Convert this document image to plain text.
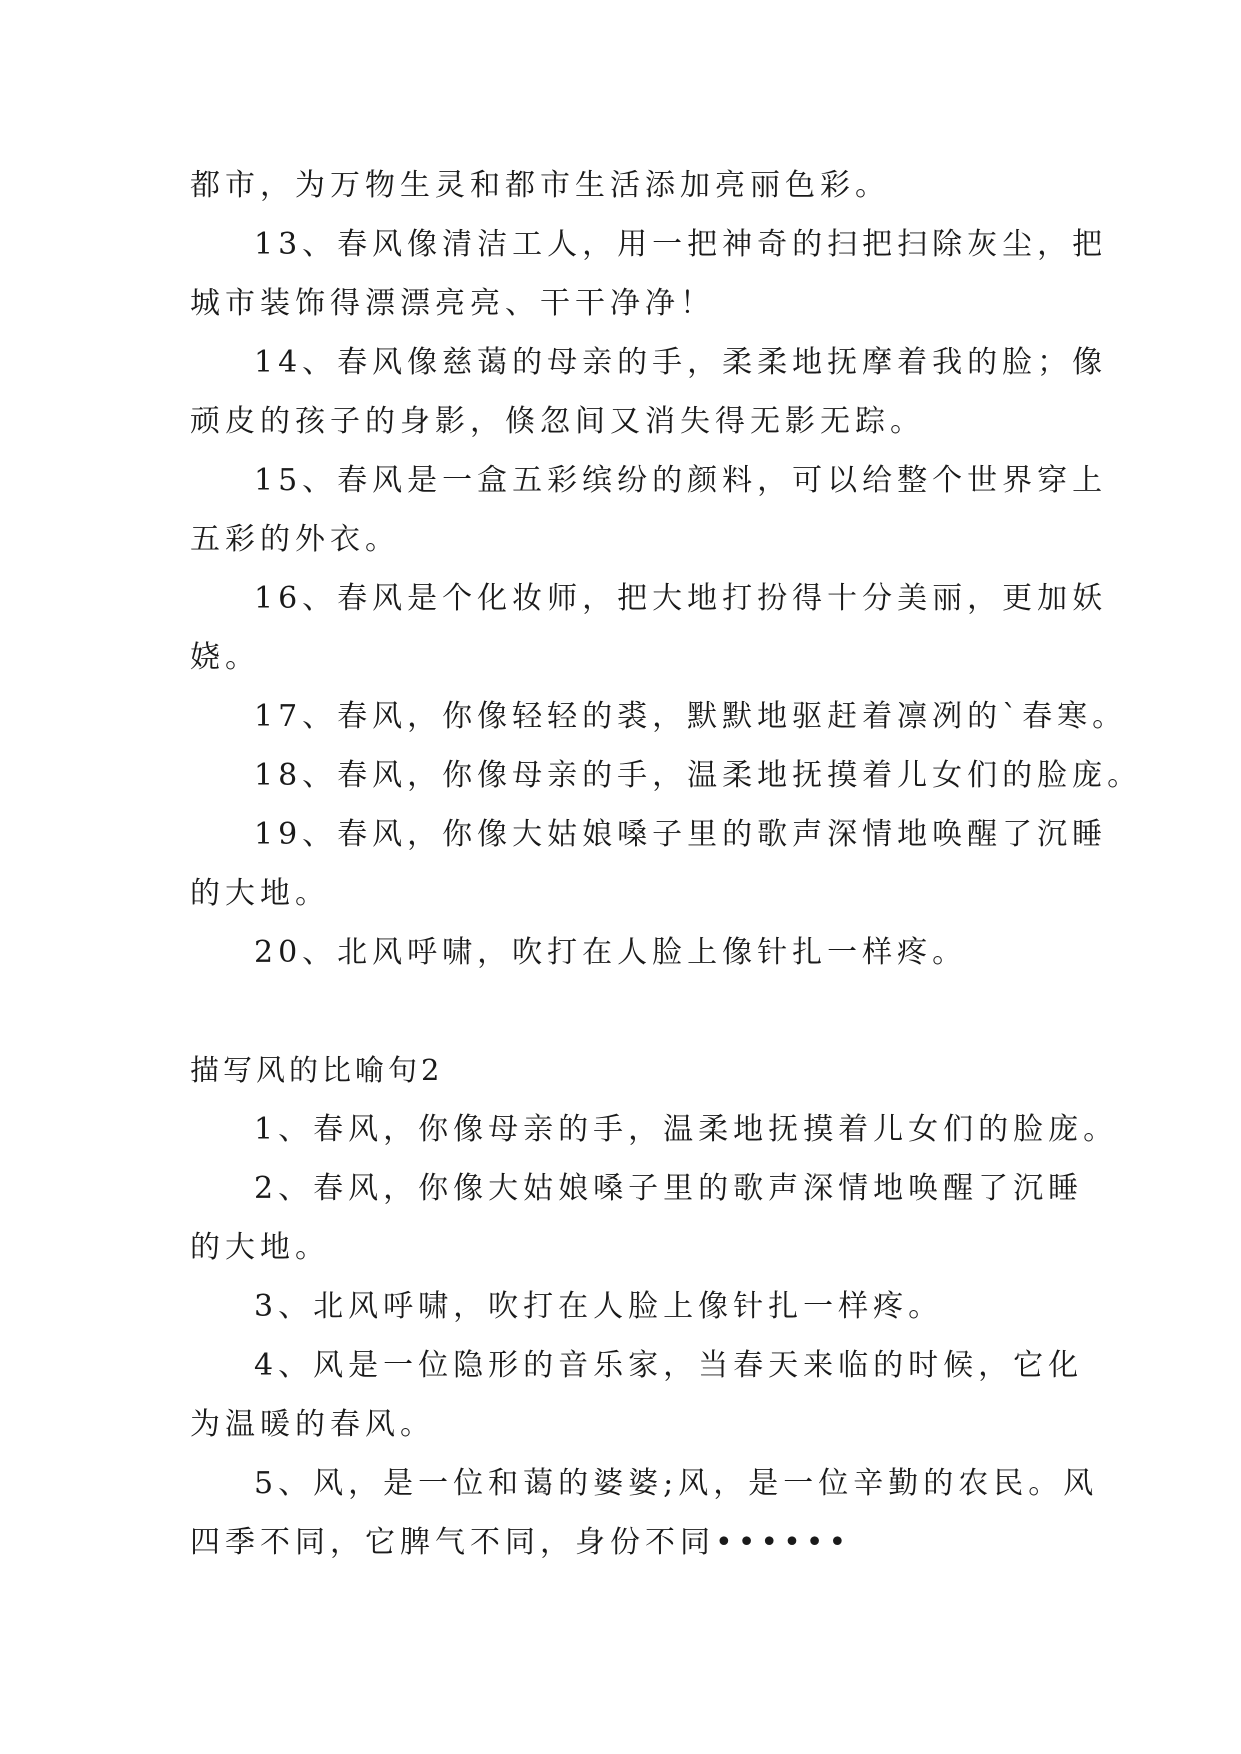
都市，为万物生灵和都市生活添加亮丽色彩。
13、春风像清洁工人，用一把神奇的扫把扫除灰尘，把
城市装饰得漂漂亮亮、干干净净！
14、春风像慈蔼的母亲的手，柔柔地抚摩着我的脸；像
顽皮的孩子的身影，倏忽间又消失得无影无踪。
15、春风是一盒五彩缤纷的颜料，可以给整个世界穿上
五彩的外衣。
16、春风是个化妆师，把大地打扮得十分美丽，更加妖
娆。
17、春风，你像轻轻的裘，默默地驱赶着凛冽的`春寒。
18、春风，你像母亲的手，温柔地抚摸着儿女们的脸庞。
19、春风，你像大姑娘嗓子里的歌声深情地唤醒了沉睡
的大地。
20、北风呼啸，吹打在人脸上像针扎一样疼。
描写风的比喻句2
1、春风，你像母亲的手，温柔地抚摸着儿女们的脸庞。
2、春风，你像大姑娘嗓子里的歌声深情地唤醒了沉睡
的大地。
3、北风呼啸，吹打在人脸上像针扎一样疼。
4、风是一位隐形的音乐家，当春天来临的时候，它化
为温暖的春风。
5、风，是一位和蔼的婆婆;风，是一位辛勤的农民。风
四季不同，它脾气不同，身份不同••••••
